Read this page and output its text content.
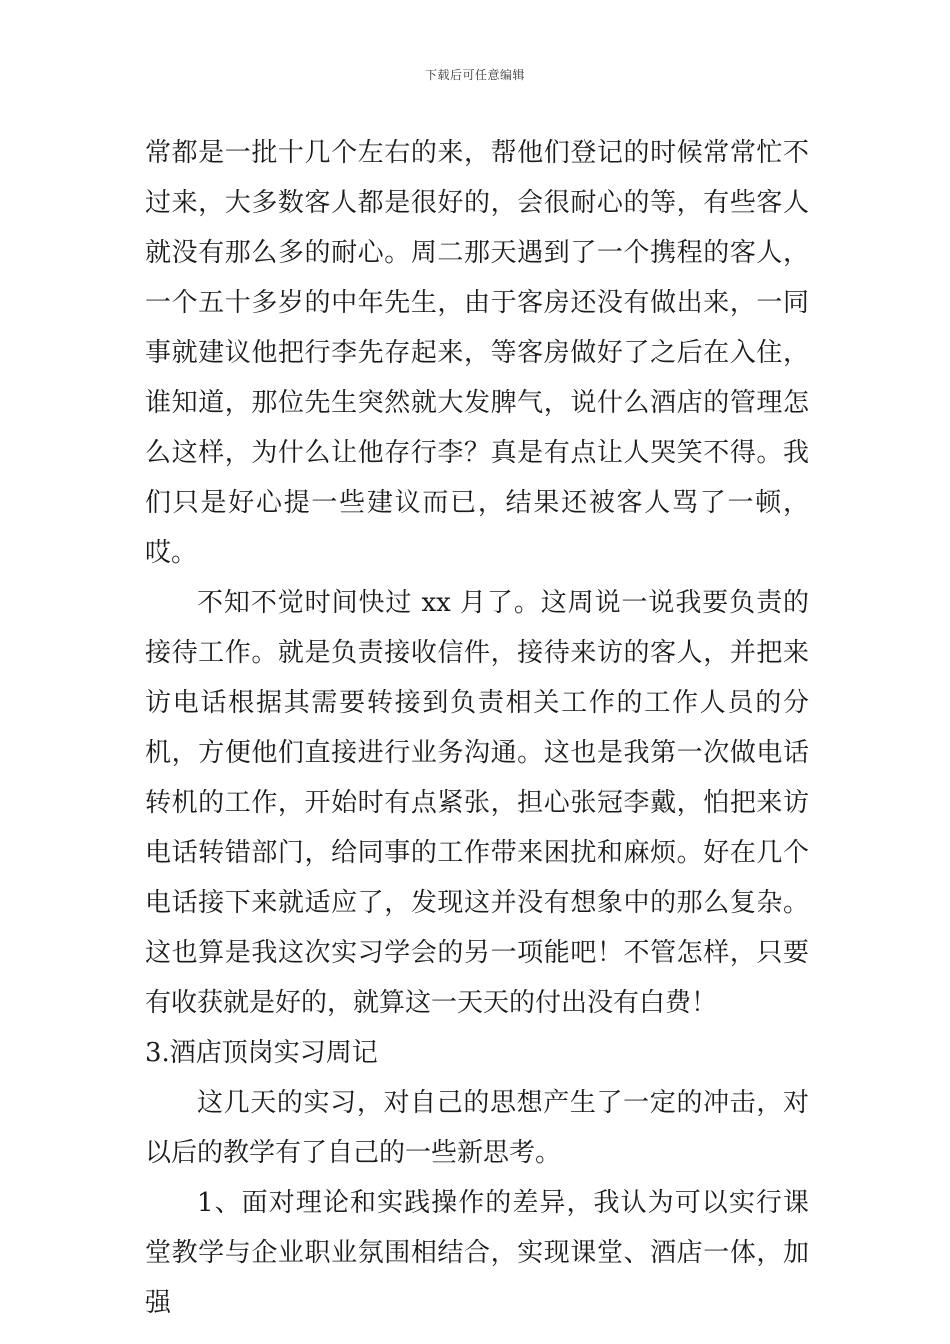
下载后可任意编辑

常都是一批十几个左右的来，帮他们登记的时候常常忙不过来，大多数客人都是很好的，会很耐心的等，有些客人就没有那么多的耐心。周二那天遇到了一个携程的客人，一个五十多岁的中年先生，由于客房还没有做出来，一同事就建议他把行李先存起来，等客房做好了之后在入住，谁知道，那位先生突然就大发脾气，说什么酒店的管理怎么这样，为什么让他存行李？真是有点让人哭笑不得。我们只是好心提一些建议而已，结果还被客人骂了一顿，哎。

不知不觉时间快过 xx 月了。这周说一说我要负责的接待工作。就是负责接收信件，接待来访的客人，并把来访电话根据其需要转接到负责相关工作的工作人员的分机，方便他们直接进行业务沟通。这也是我第一次做电话转机的工作，开始时有点紧张，担心张冠李戴，怕把来访电话转错部门，给同事的工作带来困扰和麻烦。好在几个电话接下来就适应了，发现这并没有想象中的那么复杂。这也算是我这次实习学会的另一项能吧！不管怎样，只要有收获就是好的，就算这一天天的付出没有白费！

3.酒店顶岗实习周记

这几天的实习，对自己的思想产生了一定的冲击，对以后的教学有了自己的一些新思考。

1、面对理论和实践操作的差异，我认为可以实行课堂教学与企业职业氛围相结合，实现课堂、酒店一体，加强
